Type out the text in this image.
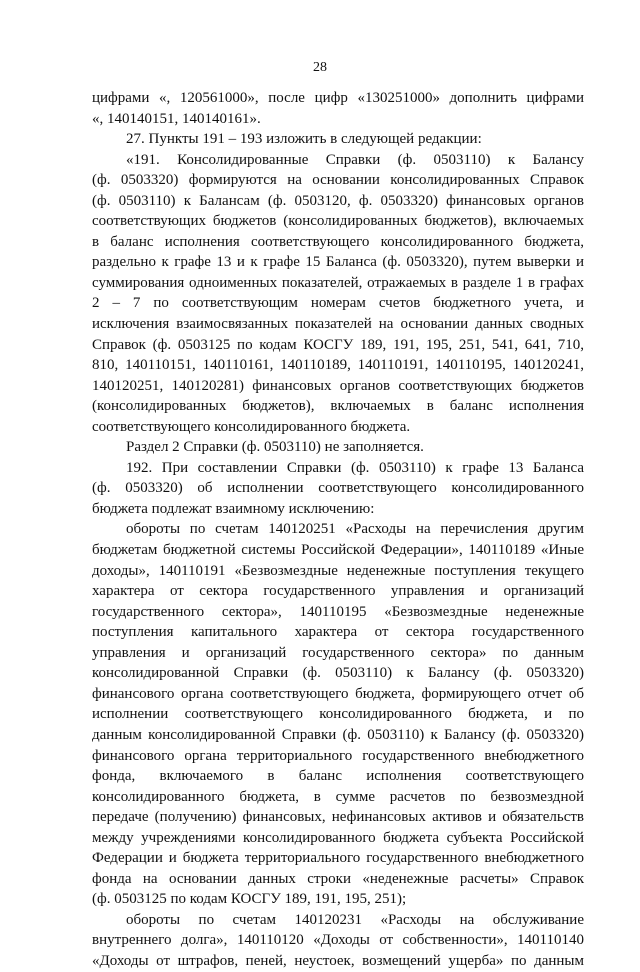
28

цифрами «, 120561000», после цифр «130251000» дополнить цифрами

«, 140140151, 140140161».

27. Пункты 191 – 193 изложить в следующей редакции:

«191. Консолидированные Справки (ф. 0503110) к Балансу

(ф. 0503320) формируются на основании консолидированных Справок

(ф. 0503110) к Балансам (ф. 0503120, ф. 0503320) финансовых органов

соответствующих бюджетов (консолидированных бюджетов), включаемых

в баланс исполнения соответствующего консолидированного бюджета,

раздельно к графе 13 и к графе 15 Баланса (ф. 0503320), путем выверки и

суммирования одноименных показателей, отражаемых в разделе 1 в графах

2 – 7 по соответствующим номерам счетов бюджетного учета, и

исключения взаимосвязанных показателей на основании данных сводных

Справок (ф. 0503125 по кодам КОСГУ 189, 191, 195, 251, 541, 641, 710,

810, 140110151, 140110161, 140110189, 140110191, 140110195, 140120241,

140120251, 140120281) финансовых органов соответствующих бюджетов

(консолидированных бюджетов), включаемых в баланс исполнения

соответствующего консолидированного бюджета.

Раздел 2 Справки (ф. 0503110) не заполняется.

192. При составлении Справки (ф. 0503110) к графе 13 Баланса

(ф. 0503320) об исполнении соответствующего консолидированного

бюджета подлежат взаимному исключению:

обороты по счетам 140120251 «Расходы на перечисления другим

бюджетам бюджетной системы Российской Федерации», 140110189 «Иные

доходы», 140110191 «Безвозмездные неденежные поступления текущего

характера от сектора государственного управления и организаций

государственного сектора», 140110195 «Безвозмездные неденежные

поступления капитального характера от сектора государственного

управления и организаций государственного сектора» по данным

консолидированной Справки (ф. 0503110) к Балансу (ф. 0503320)

финансового органа соответствующего бюджета, формирующего отчет об

исполнении соответствующего консолидированного бюджета, и по

данным консолидированной Справки (ф. 0503110) к Балансу (ф. 0503320)

финансового органа территориального государственного внебюджетного

фонда, включаемого в баланс исполнения соответствующего

консолидированного бюджета, в сумме расчетов по безвозмездной

передаче (получению) финансовых, нефинансовых активов и обязательств

между учреждениями консолидированного бюджета субъекта Российской

Федерации и бюджета территориального государственного внебюджетного

фонда на основании данных строки «неденежные расчеты» Справок

(ф. 0503125 по кодам КОСГУ 189, 191, 195, 251);

обороты по счетам 140120231 «Расходы на обслуживание

внутреннего долга», 140110120 «Доходы от собственности», 140110140

«Доходы от штрафов, пеней, неустоек, возмещений ущерба» по данным
